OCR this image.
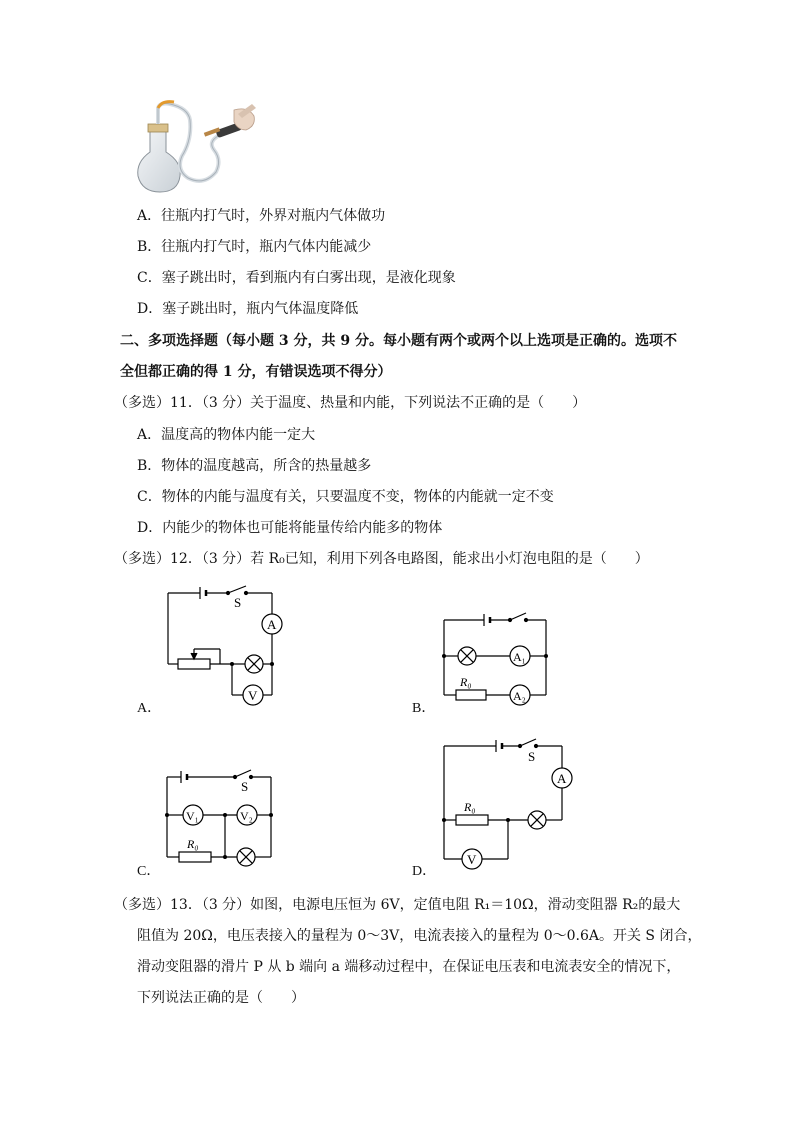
A．往瓶内打气时，外界对瓶内气体做功
B．往瓶内打气时，瓶内气体内能减少
C．塞子跳出时，看到瓶内有白雾出现，是液化现象
D．塞子跳出时，瓶内气体温度降低
二、多项选择题（每小题 3 分，共 9 分。每小题有两个或两个以上选项是正确的。选项不
全但都正确的得 1 分，有错误选项不得分）
（多选）11．（3 分）关于温度、热量和内能，下列说法不正确的是（　　）
A．温度高的物体内能一定大
B．物体的温度越高，所含的热量越多
C．物体的内能与温度有关，只要温度不变，物体的内能就一定不变
D．内能少的物体也可能将能量传给内能多的物体
（多选）12．（3 分）若 R₀已知，利用下列各电路图，能求出小灯泡电阻的是（　　）
S
A
V
A．
A₁
R₀
A₂
B．
S
V₁	V₂
R₀
C．
S
A
R₀
V
D．
（多选）13．（3 分）如图，电源电压恒为 6V，定值电阻 R₁＝10Ω，滑动变阻器 R₂的最大
阻值为 20Ω，电压表接入的量程为 0～3V，电流表接入的量程为 0～0.6A。开关 S 闭合，
滑动变阻器的滑片 P 从 b 端向 a 端移动过程中，在保证电压表和电流表安全的情况下，
下列说法正确的是（　　）
